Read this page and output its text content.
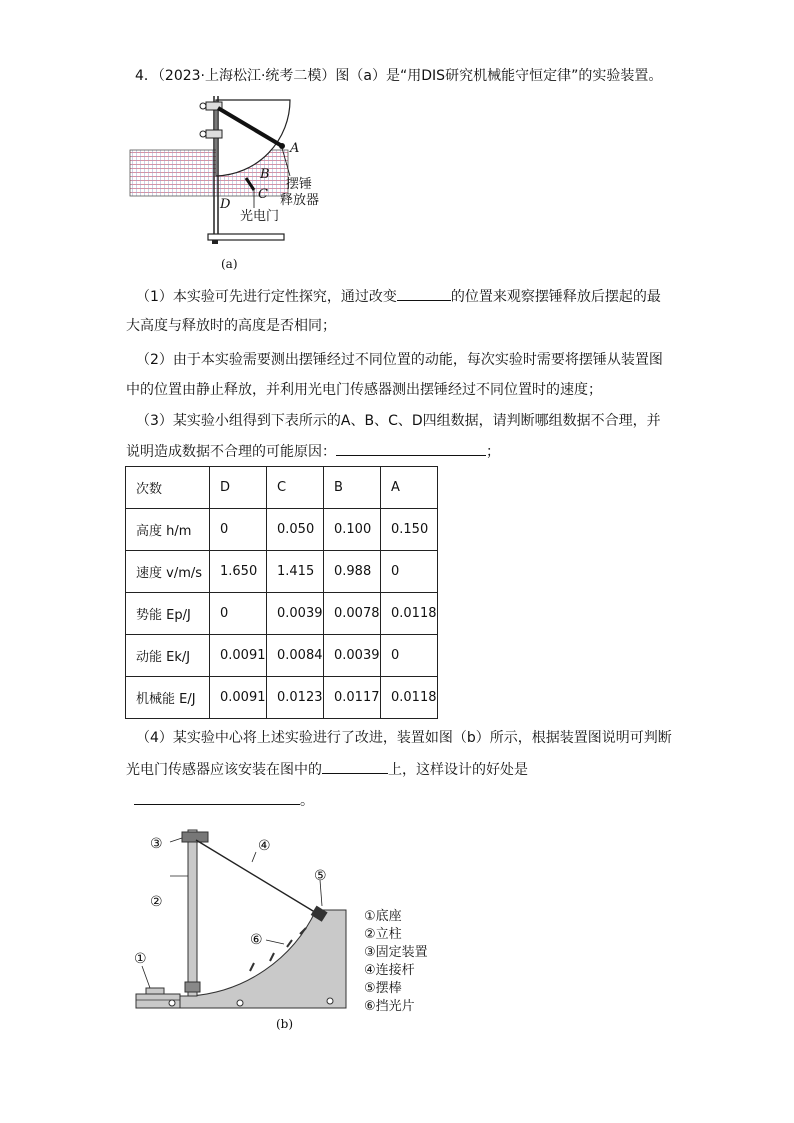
4．（2023·上海松江·统考二模）图（a）是“用DIS研究机械能守恒定律”的实验装置。
A
B
C
D
摆锤
释放器
光电门
(a)
（1）本实验可先进行定性探究，通过改变	的位置来观察摆锤释放后摆起的最
大高度与释放时的高度是否相同；
（2）由于本实验需要测出摆锤经过不同位置的动能，每次实验时需要将摆锤从装置图
中的位置由静止释放，并利用光电门传感器测出摆锤经过不同位置时的速度；
（3）某实验小组得到下表所示的A、B、C、D四组数据，请判断哪组数据不合理，并
说明造成数据不合理的可能原因：	；
次数	D	C	B	A
高度 h/m	0	0.050	0.100	0.150
速度 v/m/s	1.650	1.415	0.988	0
势能 Ep/J	0	0.0039	0.0078	0.0118
动能 Ek/J	0.0091	0.0084	0.0039	0
机械能 E/J	0.0091	0.0123	0.0117	0.0118
（4）某实验中心将上述实验进行了改进，装置如图（b）所示，根据装置图说明可判断
光电门传感器应该安装在图中的	上，这样设计的好处是
。
①
②
③	④
⑤
⑥
①底座
②立柱
③固定装置
④连接杆
⑤摆棒
⑥挡光片
(b)
